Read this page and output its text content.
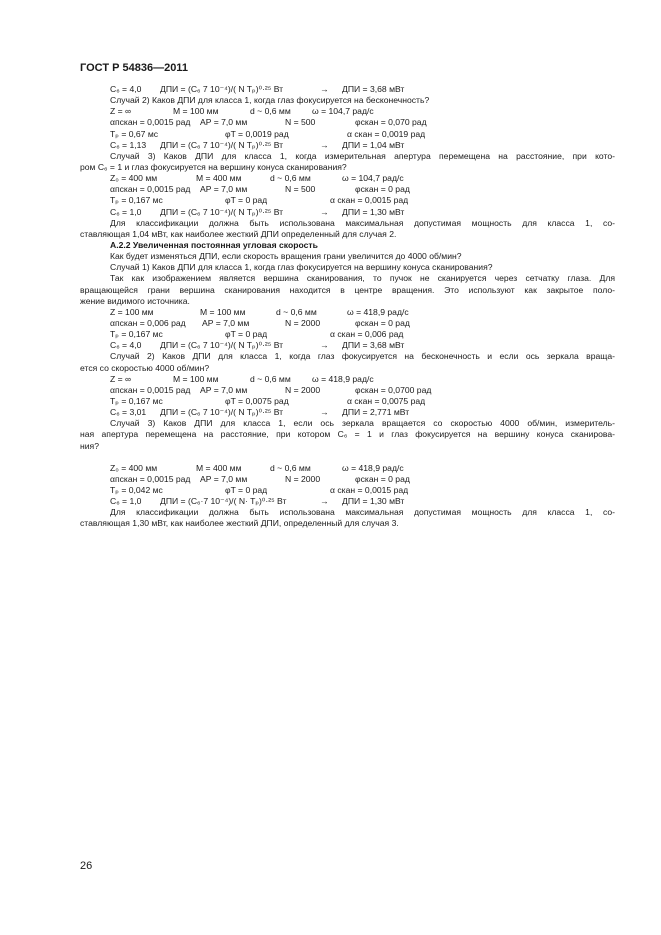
ГОСТ Р 54836—2011
C₆ = 4,0 ДПИ = (C₆ 7 10⁻⁴)/( N Tₚ)⁰·²⁵ Вт	→ ДПИ = 3,68 мВт
Случай 2) Каков ДПИ для класса 1, когда глаз фокусируется на бесконечность?
Z = ∞	M = 100 мм	d ~ 0,6 мм ω = 104,7 рад/с
αпскан = 0,0015 рад AP = 7,0 мм	N = 500	φскан = 0,070 рад
Tₚ = 0,67 мс	φT = 0,0019 рад	α скан = 0,0019 рад
C₆ = 1,13 ДПИ = (C₆ 7 10⁻⁴)/( N Tₚ)⁰·²⁵ Вт	→ ДПИ = 1,04 мВт
Случай 3) Каков ДПИ для класса 1, когда измерительная апертура перемещена на расстояние, при кото-
ром C₆ = 1 и глаз фокусируется на вершину конуса сканирования?
Z₀ = 400 мм	M = 400 мм	d ~ 0,6 мм	ω = 104,7 рад/с
αпскан = 0,0015 рад AP = 7,0 мм	N = 500	φскан = 0 рад
Tₚ = 0,167 мс	φT = 0 рад	α скан = 0,0015 рад
C₆ = 1,0 ДПИ = (C₆ 7 10⁻⁴)/( N Tₚ)⁰·²⁵ Вт	→ ДПИ = 1,30 мВт
Для классификации должна быть использована максимальная допустимая мощность для класса 1, со-
ставляющая 1,04 мВт, как наиболее жесткий ДПИ определенный для случая 2.
А.2.2 Увеличенная постоянная угловая скорость
Как будет изменяться ДПИ, если скорость вращения грани увеличится до 4000 об/мин?
Случай 1) Каков ДПИ для класса 1, когда глаз фокусируется на вершину конуса сканирования?
Так как изображением является вершина сканирования, то пучок не сканируется через сетчатку глаза. Для
вращающейся грани вершина сканирования находится в центре вращения. Это используют как закрытое поло-
жение видимого источника.
Z = 100 мм	M = 100 мм	d ~ 0,6 мм	ω = 418,9 рад/с
αпскан = 0,006 рад AP = 7,0 мм	N = 2000	φскан = 0 рад
Tₚ = 0,167 мс	φT = 0 рад	α скан = 0,006 рад
C₆ = 4,0 ДПИ = (C₆ 7 10⁻⁴)/( N Tₚ)⁰·²⁵ Вт	→ ДПИ = 3,68 мВт
Случай 2) Каков ДПИ для класса 1, когда глаз фокусируется на бесконечность и если ось зеркала враща-
ется со скоростью 4000 об/мин?
Z = ∞	M = 100 мм	d ~ 0,6 мм ω = 418,9 рад/с
αпскан = 0,0015 рад AP = 7,0 мм	N = 2000	φскан = 0,0700 рад
Tₚ = 0,167 мс	φT = 0,0075 рад	α скан = 0,0075 рад
C₆ = 3,01 ДПИ = (C₆ 7 10⁻⁴)/( N Tₚ)⁰·²⁵ Вт	→ ДПИ = 2,771 мВт
Случай 3) Каков ДПИ для класса 1, если ось зеркала вращается со скоростью 4000 об/мин, измеритель-
ная апертура перемещена на расстояние, при котором C₆ = 1 и глаз фокусируется на вершину конуса сканирова-
ния?
Z₀ = 400 мм	M = 400 мм	d ~ 0,6 мм	ω = 418,9 рад/с
αпскан = 0,0015 рад AP = 7,0 мм	N = 2000	φскан = 0 рад
Tₚ = 0,042 мс	φT = 0 рад	α скан = 0,0015 рад
C₆ = 1,0 ДПИ = (C₆·7 10⁻⁴)/( N· Tₚ)⁰·²⁵ Вт	→ ДПИ = 1,30 мВт
Для классификации должна быть использована максимальная допустимая мощность для класса 1, со-
ставляющая 1,30 мВт, как наиболее жесткий ДПИ, определенный для случая 3.
26
